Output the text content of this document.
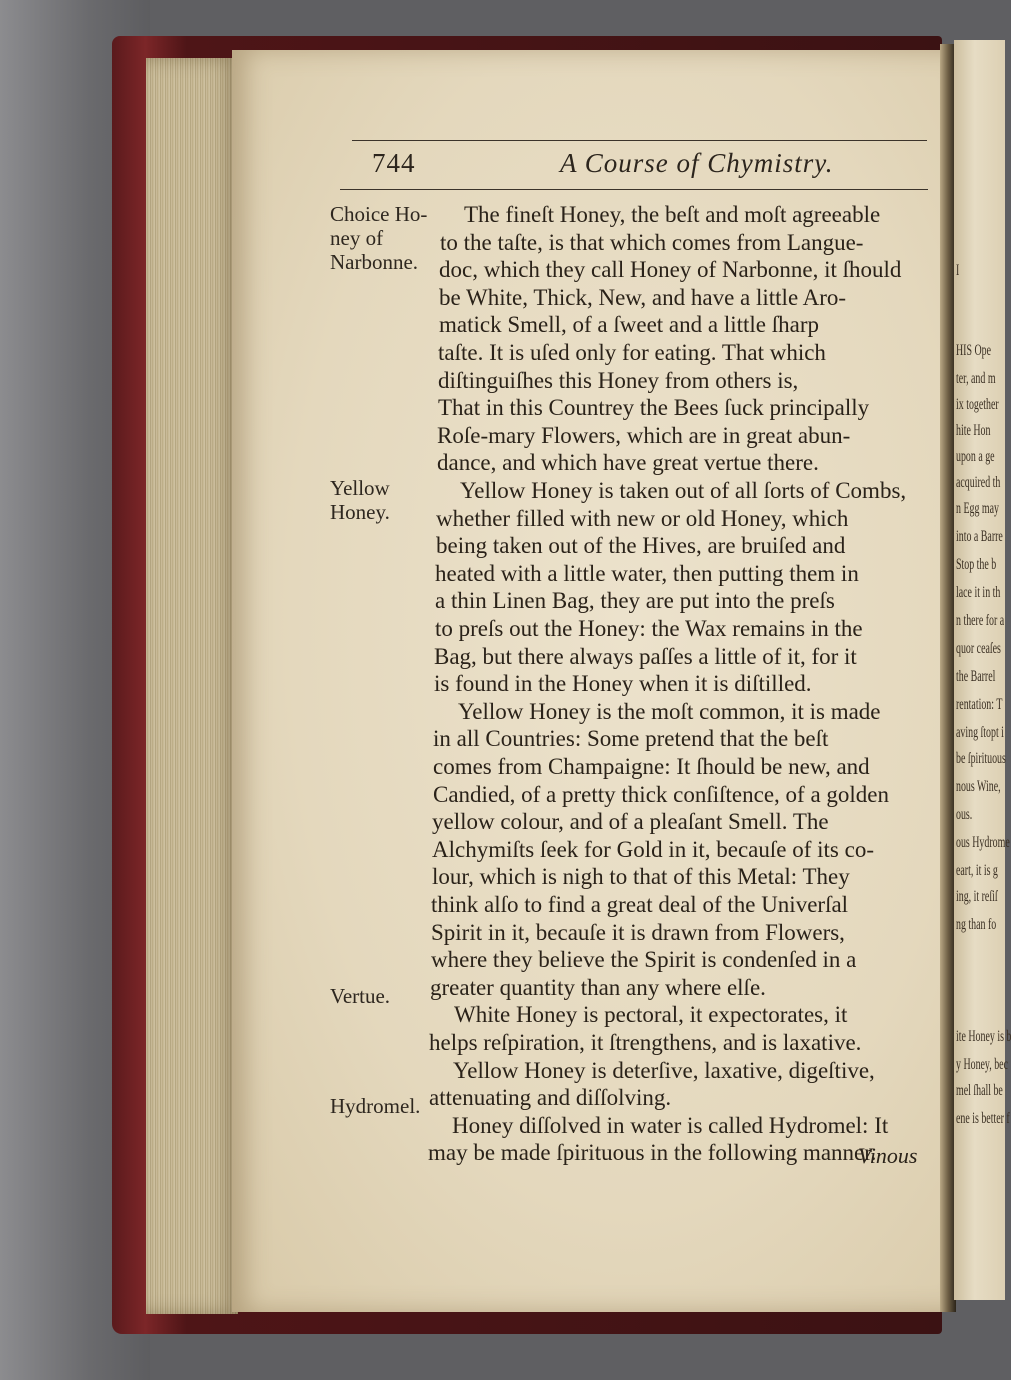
I
HIS Ope
ter, and m
ix together
hite Hon
upon a ge
acquired th
n Egg may
into a Barre
Stop the b
lace it in th
n there for a
quor ceaſes
the Barrel
rentation: T
aving ſtopt i
be ſpirituous
nous Wine,
ous.
ous Hydrome
eart, it is g
ing, it reſiſ
ng than fo
ite Honey is b
y Honey, bec
mel ſhall be
ene is better f
744	A Course of Chymistry.
Choice Ho-
ney of
Narbonne.
Yellow
Honey.
Vertue.
Hydromel.
The fineſt Honey, the beſt and moſt agreeable
to the taſte, is that which comes from Langue-
doc, which they call Honey of Narbonne, it ſhould
be White, Thick, New, and have a little Aro-
matick Smell, of a ſweet and a little ſharp
taſte. It is uſed only for eating. That which
diſtinguiſhes this Honey from others is,
That in this Countrey the Bees ſuck principally
Roſe-mary Flowers, which are in great abun-
dance, and which have great vertue there.
Yellow Honey is taken out of all ſorts of Combs,
whether filled with new or old Honey, which
being taken out of the Hives, are bruiſed and
heated with a little water, then putting them in
a thin Linen Bag, they are put into the preſs
to preſs out the Honey: the Wax remains in the
Bag, but there always paſſes a little of it, for it
is found in the Honey when it is diſtilled.
Yellow Honey is the moſt common, it is made
in all Countries: Some pretend that the beſt
comes from Champaigne: It ſhould be new, and
Candied, of a pretty thick conſiſtence, of a golden
yellow colour, and of a pleaſant Smell. The
Alchymiſts ſeek for Gold in it, becauſe of its co-
lour, which is nigh to that of this Metal: They
think alſo to find a great deal of the Univerſal
Spirit in it, becauſe it is drawn from Flowers,
where they believe the Spirit is condenſed in a
greater quantity than any where elſe.
White Honey is pectoral, it expectorates, it
helps reſpiration, it ſtrengthens, and is laxative.
Yellow Honey is deterſive, laxative, digeſtive,
attenuating and diſſolving.
Honey diſſolved in water is called Hydromel: It
may be made ſpirituous in the following manner.
Vinous
